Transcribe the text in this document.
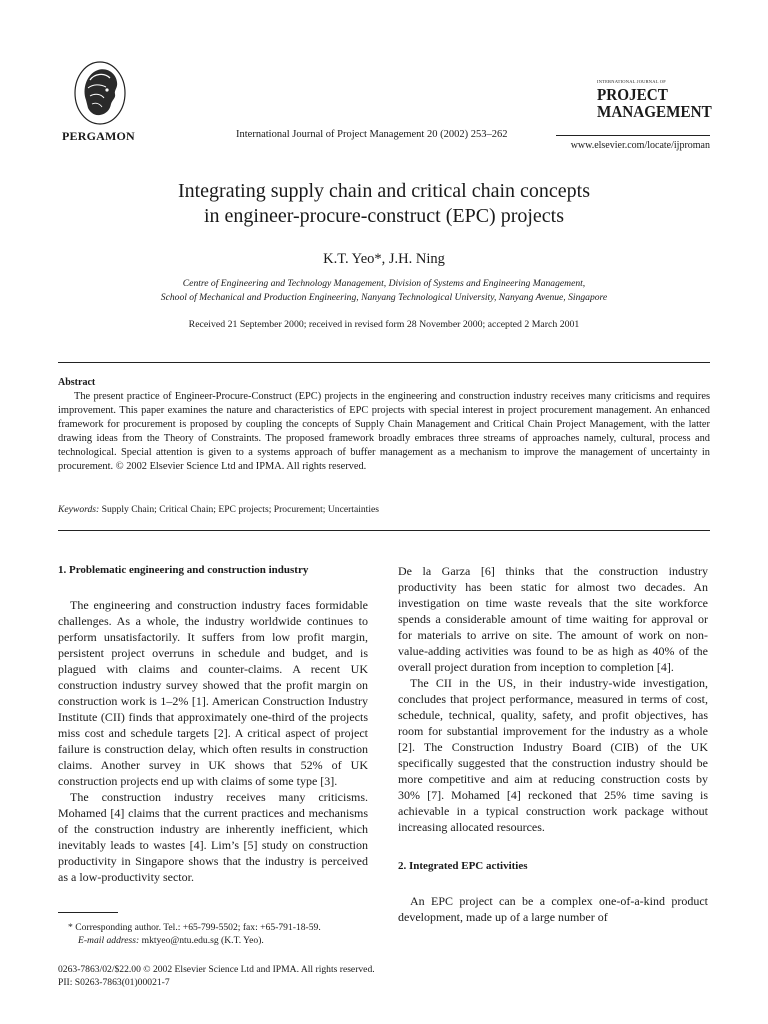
PERGAMON	International Journal of Project Management 20 (2002) 253–262
INTERNATIONAL JOURNAL OF
PROJECT
MANAGEMENT
www.elsevier.com/locate/ijproman
Integrating supply chain and critical chain concepts
in engineer-procure-construct (EPC) projects
K.T. Yeo*, J.H. Ning
Centre of Engineering and Technology Management, Division of Systems and Engineering Management,
School of Mechanical and Production Engineering, Nanyang Technological University, Nanyang Avenue, Singapore
Received 21 September 2000; received in revised form 28 November 2000; accepted 2 March 2001
Abstract

The present practice of Engineer-Procure-Construct (EPC) projects in the engineering and construction industry receives many criticisms and requires improvement. This paper examines the nature and characteristics of EPC projects with special interest in project procurement management. An enhanced framework for procurement is proposed by coupling the concepts of Supply Chain Management and Critical Chain Project Management, with the latter drawing ideas from the Theory of Constraints. The proposed framework broadly embraces three streams of approaches namely, cultural, process and technological. Special attention is given to a systems approach of buffer management as a mechanism to improve the management of uncertainty in procurement. © 2002 Elsevier Science Ltd and IPMA. All rights reserved.

Keywords: Supply Chain; Critical Chain; EPC projects; Procurement; Uncertainties
1. Problematic engineering and construction industry

The engineering and construction industry faces formidable challenges. As a whole, the industry worldwide continues to perform unsatisfactorily. It suffers from low profit margin, persistent project overruns in schedule and budget, and is plagued with claims and counter-claims. A recent UK construction industry survey showed that the profit margin on construction work is 1–2% [1]. American Construction Industry Institute (CII) finds that approximately one-third of the projects miss cost and schedule targets [2]. A critical aspect of project failure is construction delay, which often results in construction claims. Another survey in UK shows that 52% of UK construction projects end up with claims of some type [3].

The construction industry receives many criticisms. Mohamed [4] claims that the current practices and mechanisms of the construction industry are inherently inefficient, which inevitably leads to wastes [4]. Lim’s [5] study on construction productivity in Singapore shows that the industry is perceived as a low-productivity sector.

De la Garza [6] thinks that the construction industry productivity has been static for almost two decades. An investigation on time waste reveals that the site workforce spends a considerable amount of time waiting for approval or for materials to arrive on site. The amount of work on non-value-adding activities was found to be as high as 40% of the overall project duration from inception to completion [4].

The CII in the US, in their industry-wide investigation, concludes that project performance, measured in terms of cost, schedule, technical, quality, safety, and profit objectives, has room for substantial improvement for the industry as a whole [2]. The Construction Industry Board (CIB) of the UK specifically suggested that the construction industry should be more competitive and aim at reducing construction costs by 30% [7]. Mohamed [4] reckoned that 25% time saving is achievable in a typical construction work package without increasing allocated resources.

2. Integrated EPC activities

An EPC project can be a complex one-of-a-kind product development, made up of a large number of

* Corresponding author. Tel.: +65-799-5502; fax: +65-791-18-59.
E-mail address: mktyeo@ntu.edu.sg (K.T. Yeo).
0263-7863/02/$22.00 © 2002 Elsevier Science Ltd and IPMA. All rights reserved.
PII: S0263-7863(01)00021-7
